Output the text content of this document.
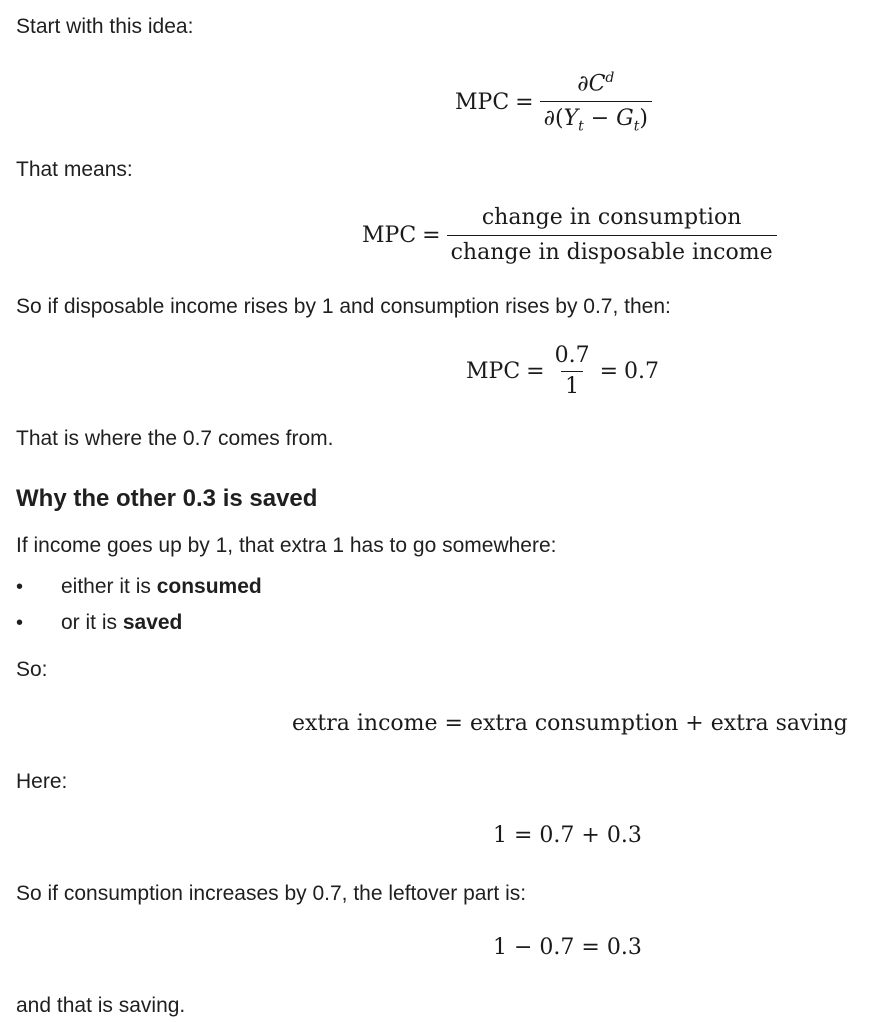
Start with this idea:

MPC = $\frac{\partial C^d}{\partial(Y_t - G_t)}$

That means:

MPC = $\frac{\text{change in consumption}}{\text{change in disposable income}}$

So if disposable income rises by 1 and consumption rises by 0.7, then:

MPC = $\frac{0.7}{1} = 0.7$

That is where the 0.7 comes from.

Why the other 0.3 is saved

If income goes up by 1, that extra 1 has to go somewhere:

• either it is consumed
• or it is saved

So:

extra income = extra consumption + extra saving

Here:

1 = 0.7 + 0.3

So if consumption increases by 0.7, the leftover part is:

1 − 0.7 = 0.3

and that is saving.
